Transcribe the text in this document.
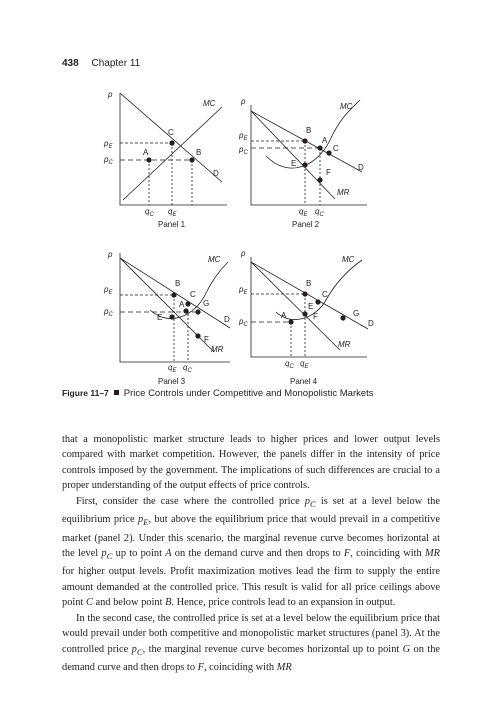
438 Chapter 11
p
MC
$p_E$
$p_C$
C
A	B
D
$q_C$ $q_E$
Panel 1
p
MC
$p_E$
$p_C$
B
A
C
E	D
F
MR
$q_E$ $q_C$
Panel 2
p
MC
$p_E$
$p_C$
B
C
A G
E	D
F
MR
$q_E$ $q_C$
Panel 3
p
MC
$p_E$
$p_C$
B
C
E
A	F	G
D
MR
$q_C$ $q_E$
Panel 4
Figure 11–7 Price Controls under Competitive and Monopolistic Markets

that a monopolistic market structure leads to higher prices and lower output levels compared with market competition. However, the panels differ in the intensity of price controls imposed by the government. The implications of such differences are crucial to a proper understanding of the output effects of price controls.

First, consider the case where the controlled price $p_C$ is set at a level below the equilibrium price $p_E$, but above the equilibrium price that would prevail in a competitive market (panel 2). Under this scenario, the marginal revenue curve becomes horizontal at the level $p_C$ up to point A on the demand curve and then drops to F, coinciding with MR for higher output levels. Profit maximization motives lead the firm to supply the entire amount demanded at the controlled price. This result is valid for all price ceilings above point C and below point B. Hence, price controls lead to an expansion in output.

In the second case, the controlled price is set at a level below the equilibrium price that would prevail under both competitive and monopolistic market structures (panel 3). At the controlled price $p_C$, the marginal revenue curve becomes horizontal up to point G on the demand curve and then drops to F, coinciding with MR
